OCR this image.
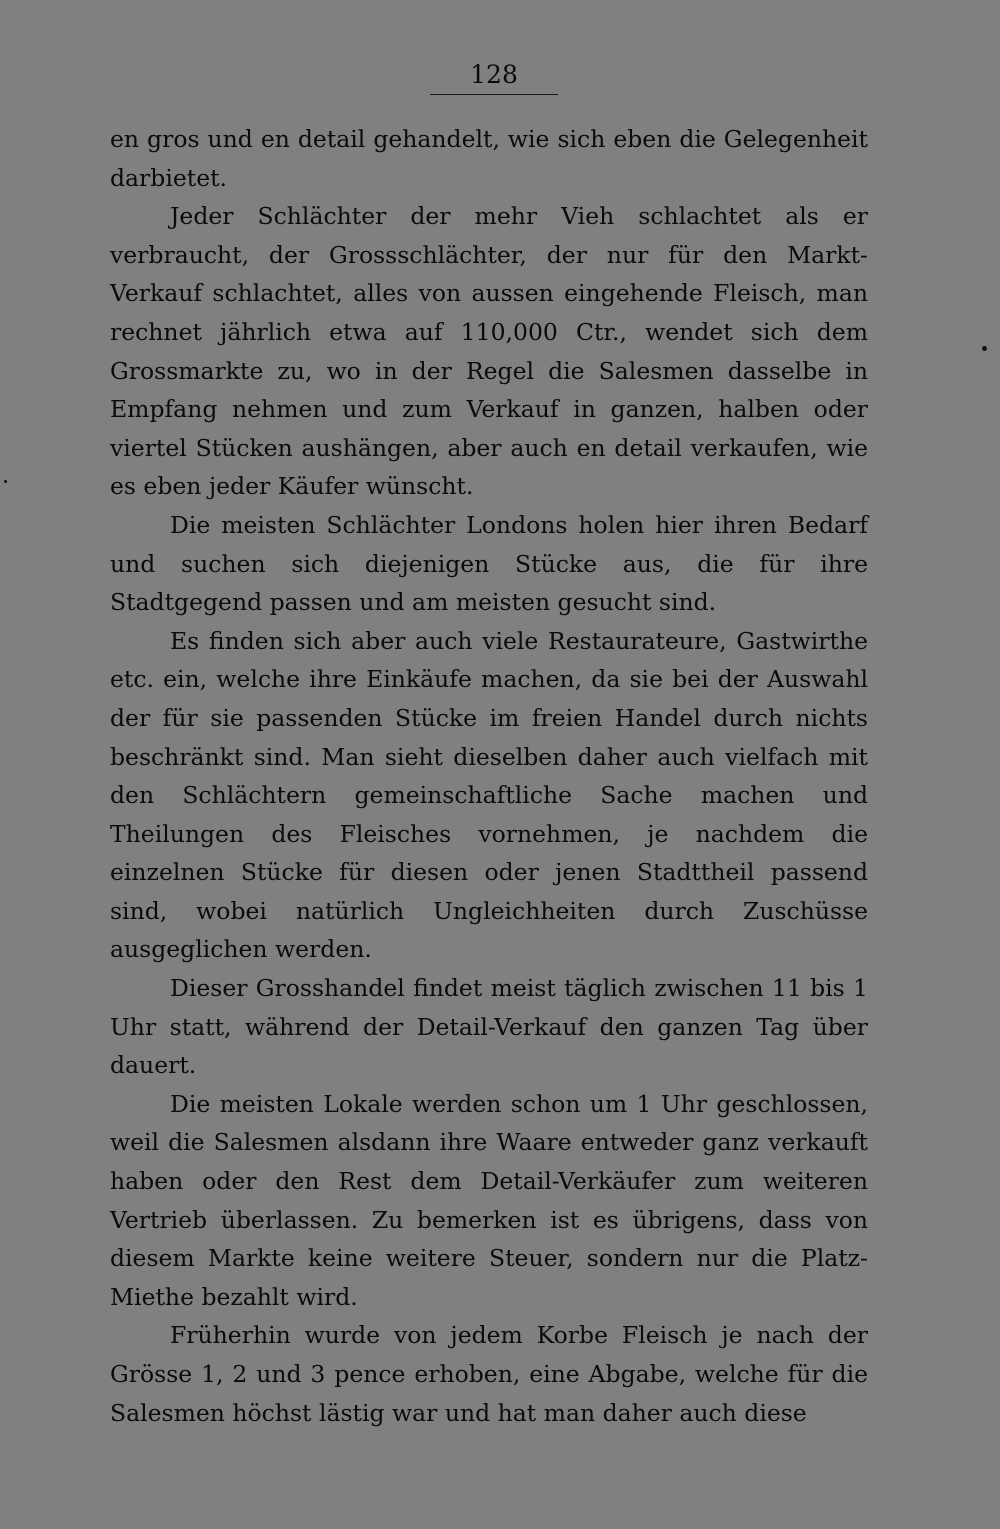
128

en gros und en detail gehandelt, wie sich eben die Gelegenheit darbietet.

Jeder Schlächter der mehr Vieh schlachtet als er verbraucht, der Grossschlächter, der nur für den Markt-Verkauf schlachtet, alles von aussen eingehende Fleisch, man rechnet jährlich etwa auf 110,000 Ctr., wendet sich dem Grossmarkte zu, wo in der Regel die Salesmen dasselbe in Empfang nehmen und zum Verkauf in ganzen, halben oder viertel Stücken aushängen, aber auch en detail verkaufen, wie es eben jeder Käufer wünscht.

Die meisten Schlächter Londons holen hier ihren Bedarf und suchen sich diejenigen Stücke aus, die für ihre Stadtgegend passen und am meisten gesucht sind.

Es finden sich aber auch viele Restaurateure, Gastwirthe etc. ein, welche ihre Einkäufe machen, da sie bei der Auswahl der für sie passenden Stücke im freien Handel durch nichts beschränkt sind. Man sieht dieselben daher auch vielfach mit den Schlächtern gemeinschaftliche Sache machen und Theilungen des Fleisches vornehmen, je nachdem die einzelnen Stücke für diesen oder jenen Stadttheil passend sind, wobei natürlich Ungleichheiten durch Zuschüsse ausgeglichen werden.

Dieser Grosshandel findet meist täglich zwischen 11 bis 1 Uhr statt, während der Detail-Verkauf den ganzen Tag über dauert.

Die meisten Lokale werden schon um 1 Uhr geschlossen, weil die Salesmen alsdann ihre Waare entweder ganz verkauft haben oder den Rest dem Detail-Verkäufer zum weiteren Vertrieb überlassen. Zu bemerken ist es übrigens, dass von diesem Markte keine weitere Steuer, sondern nur die Platz-Miethe bezahlt wird.

Früherhin wurde von jedem Korbe Fleisch je nach der Grösse 1, 2 und 3 pence erhoben, eine Abgabe, welche für die Salesmen höchst lästig war und hat man daher auch diese
